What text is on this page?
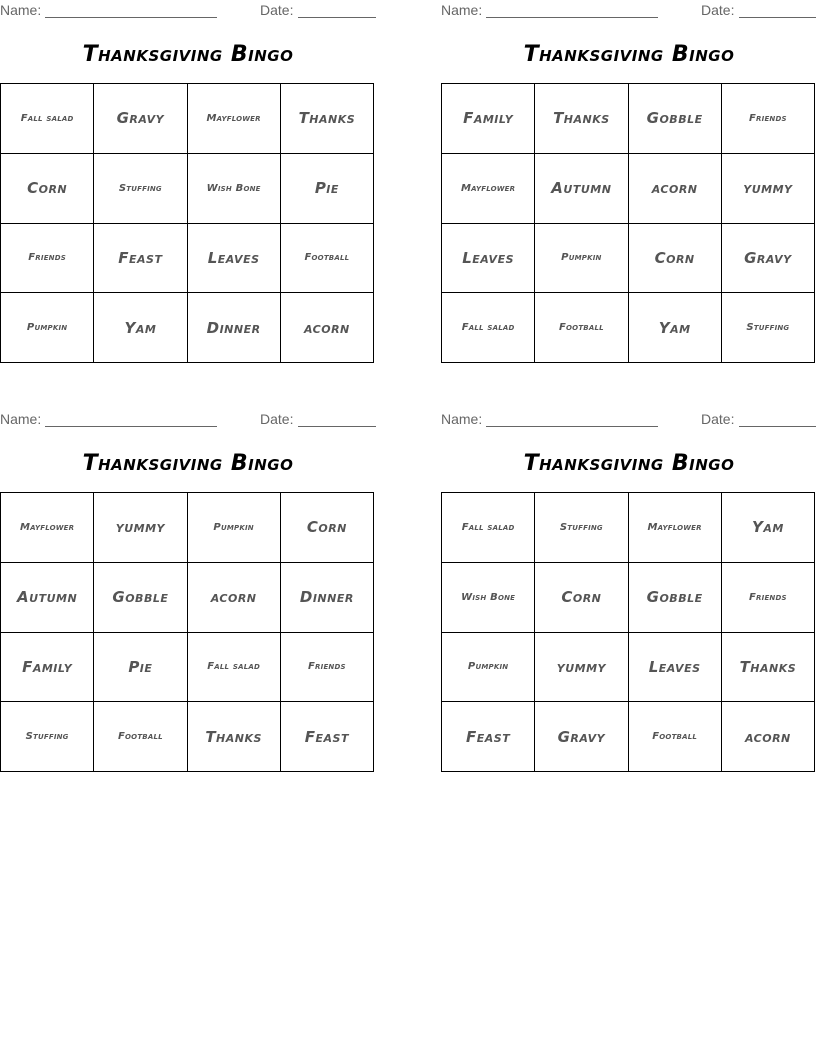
Name:	Date:
Thanksgiving Bingo
Fall salad	Gravy	Mayflower	Thanks
Corn	Stuffing	Wish Bone	Pie
Friends	Feast	Leaves	Football
Pumpkin	Yam	Dinner	acorn
Name:	Date:
Thanksgiving Bingo
Family	Thanks	Gobble	Friends
Mayflower	Autumn	acorn	yummy
Leaves	Pumpkin	Corn	Gravy
Fall salad	Football	Yam	Stuffing
Name:	Date:
Thanksgiving Bingo
Mayflower	yummy	Pumpkin	Corn
Autumn	Gobble	acorn	Dinner
Family	Pie	Fall salad	Friends
Stuffing	Football	Thanks	Feast
Name:	Date:
Thanksgiving Bingo
Fall salad	Stuffing	Mayflower	Yam
Wish Bone	Corn	Gobble	Friends
Pumpkin	yummy	Leaves	Thanks
Feast	Gravy	Football	acorn
